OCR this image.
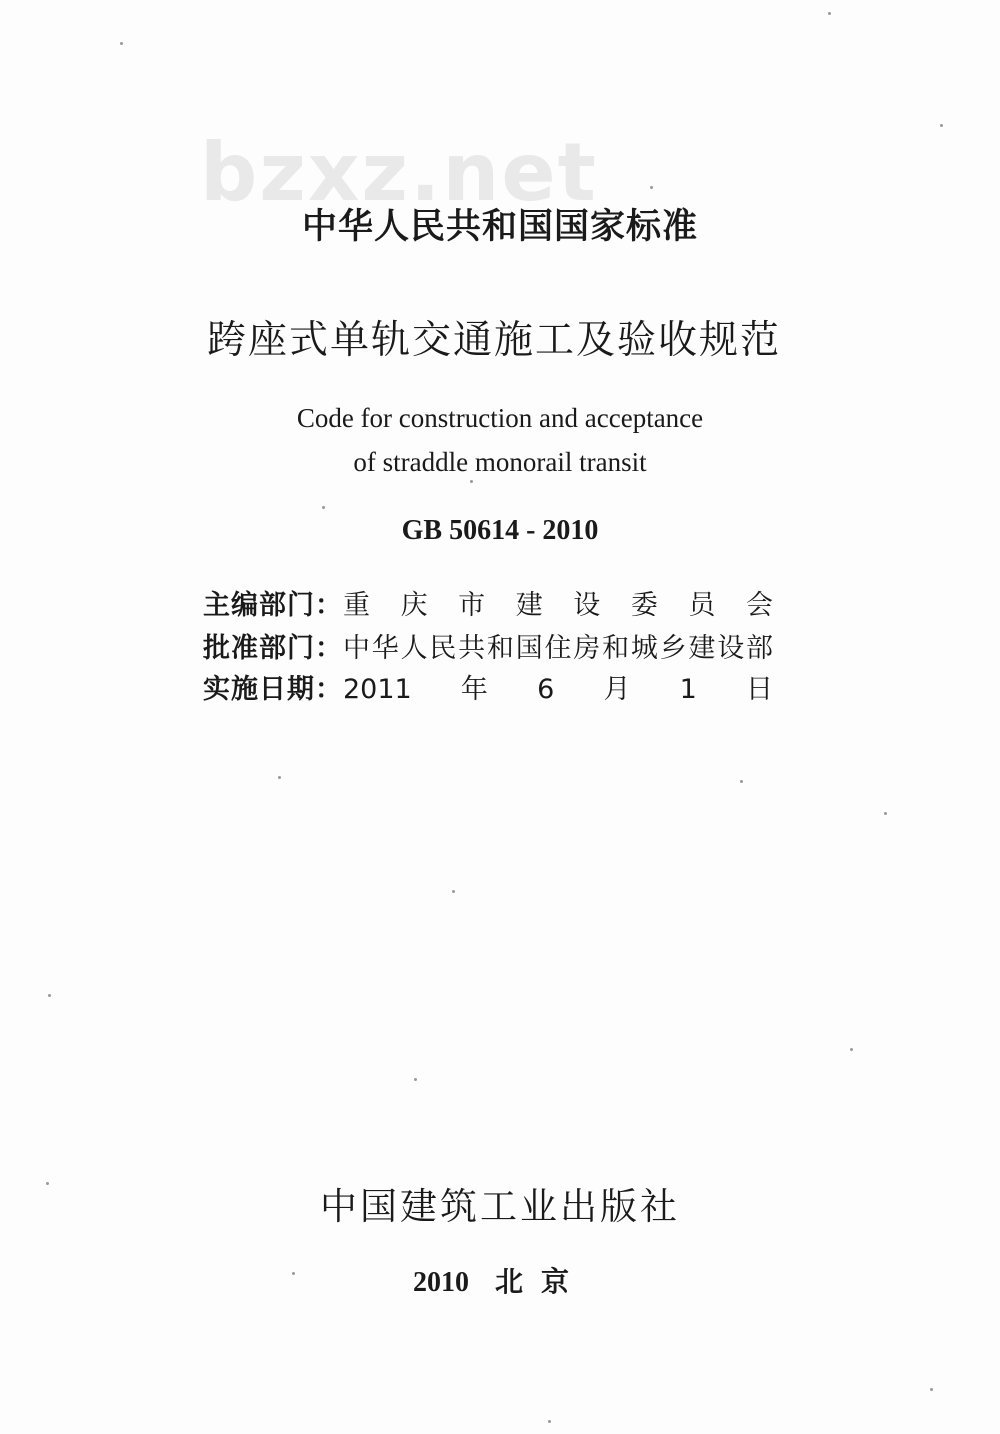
bzxz.net
中华人民共和国国家标准
跨座式单轨交通施工及验收规范
Code for construction and acceptance
of straddle monorail transit
GB 50614 - 2010
主编部门：重庆市建设委员会
批准部门：中华人民共和国住房和城乡建设部
实施日期：2011年6月1日
中国建筑工业出版社
2010 北京
